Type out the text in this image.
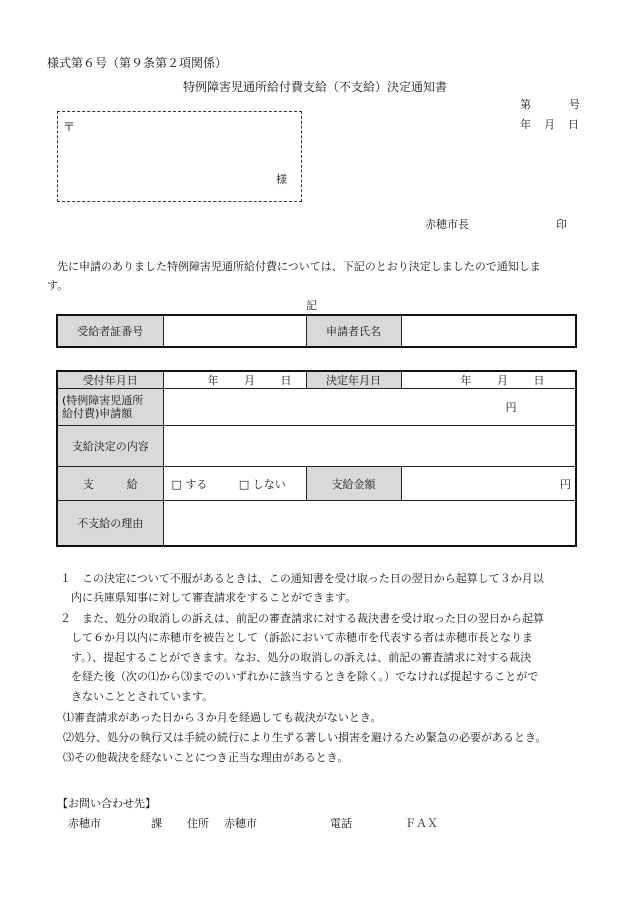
様式第６号（第９条第２項関係）
特例障害児通所給付費支給（不支給）決定通知書
第	号
年 月 日
〒
様
赤穂市長	印
先に申請のありました特例障害児通所給付費については、下記のとおり決定しましたので通知しま
す。
記
受給者証番号		申請者氏名	
受付年月日	年 月 日	決定年月日	年 月 日

(特例障害児通所
給付費)申請額	円		
支給決定の内容			
支　　　給	□ する □ しない	支給金額	円
不支給の理由			
１　この決定について不服があるときは、この通知書を受け取った日の翌日から起算して３か月以
内に兵庫県知事に対して審査請求をすることができます。
２　また、処分の取消しの訴えは、前記の審査請求に対する裁決書を受け取った日の翌日から起算
して６か月以内に赤穂市を被告として（訴訟において赤穂市を代表する者は赤穂市長となりま
す。）、提起することができます。なお、処分の取消しの訴えは、前記の審査請求に対する裁決
を経た後（次の⑴から⑶までのいずれかに該当するときを除く。）でなければ提起することがで
きないこととされています。
⑴審査請求があった日から３か月を経過しても裁決がないとき。
⑵処分、処分の執行又は手続の続行により生ずる著しい損害を避けるため緊急の必要があるとき。
⑶その他裁決を経ないことにつき正当な理由があるとき。
【お問い合わせ先】
赤穂市	課 住所 赤穂市	電話	ＦＡＸ
